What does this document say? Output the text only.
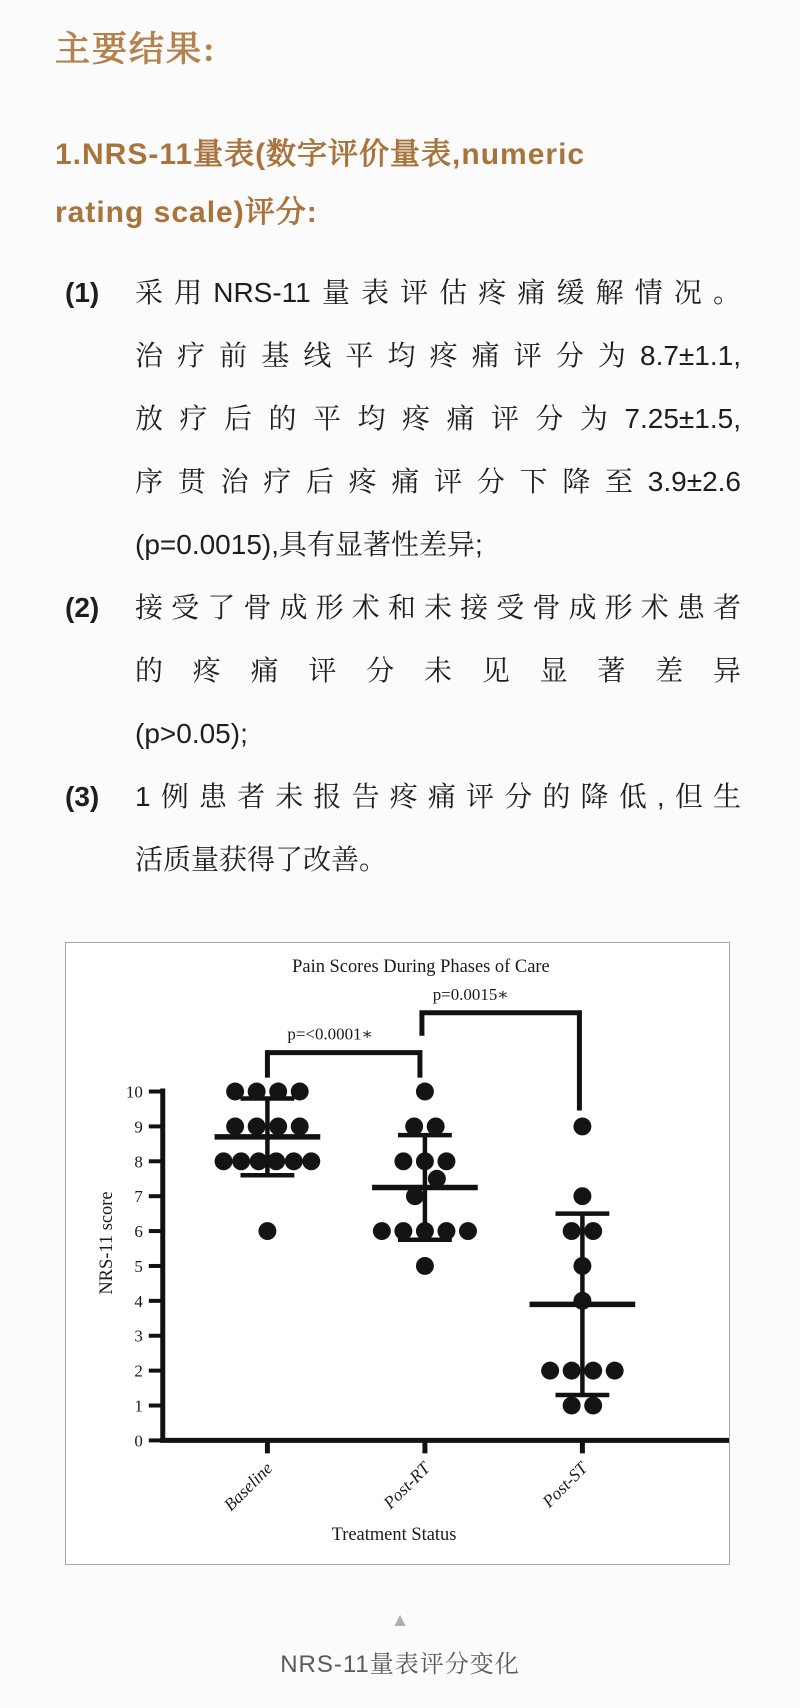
主要结果:
1.NRS-11量表(数字评价量表,numeric
rating scale)评分:
(1)	采用NRS-11量表评估疼痛缓解情况。
治疗前基线平均疼痛评分为8.7±1.1,
放疗后的平均疼痛评分为7.25±1.5,
序贯治疗后疼痛评分下降至3.9±2.6
(p=0.0015),具有显著性差异;
(2)	接受了骨成形术和未接受骨成形术患者
的疼痛评分未见显著差异
(p>0.05);
(3)	1例患者未报告疼痛评分的降低,但生
活质量获得了改善。
Pain Scores During Phases of Care
p=<0.0001∗
p=0.0015∗
0
1
2
3
4
5
6
7
8
9
10
Baseline	Post-RT	Post-ST
Treatment Status
NRS-11 score
▲
NRS-11量表评分变化
